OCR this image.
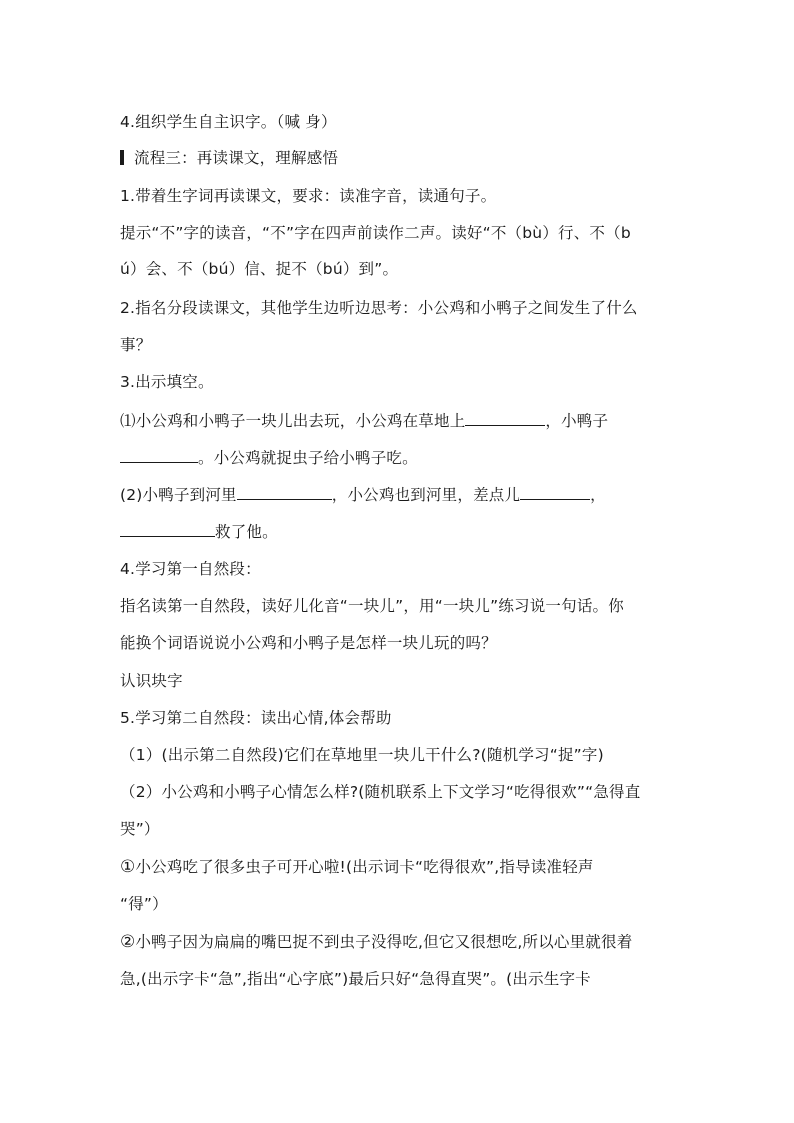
4.组织学生自主识字。（喊 身）
流程三：再读课文，理解感悟
1.带着生字词再读课文，要求：读准字音，读通句子。
提示“不”字的读音，“不”字在四声前读作二声。读好“不（bù）行、不（b
ú）会、不（bú）信、捉不（bú）到”。
2.指名分段读课文，其他学生边听边思考：小公鸡和小鸭子之间发生了什么
事？
3.出示填空。
⑴小公鸡和小鸭子一块儿出去玩，小公鸡在草地上	，小鸭子
。小公鸡就捉虫子给小鸭子吃。
(2)小鸭子到河里	，小公鸡也到河里，差点儿	，
救了他。
4.学习第一自然段：
指名读第一自然段，读好儿化音“一块儿”，用“一块儿”练习说一句话。你
能换个词语说说小公鸡和小鸭子是怎样一块儿玩的吗？
认识块字
5.学习第二自然段：读出心情,体会帮助
（1）(出示第二自然段)它们在草地里一块儿干什么?(随机学习“捉”字)
（2）小公鸡和小鸭子心情怎么样?(随机联系上下文学习“吃得很欢”“急得直
哭”）
①小公鸡吃了很多虫子可开心啦!(出示词卡“吃得很欢”,指导读准轻声
“得”）
②小鸭子因为扁扁的嘴巴捉不到虫子没得吃,但它又很想吃,所以心里就很着
急,(出示字卡“急”,指出“心字底”)最后只好“急得直哭”。(出示生字卡
